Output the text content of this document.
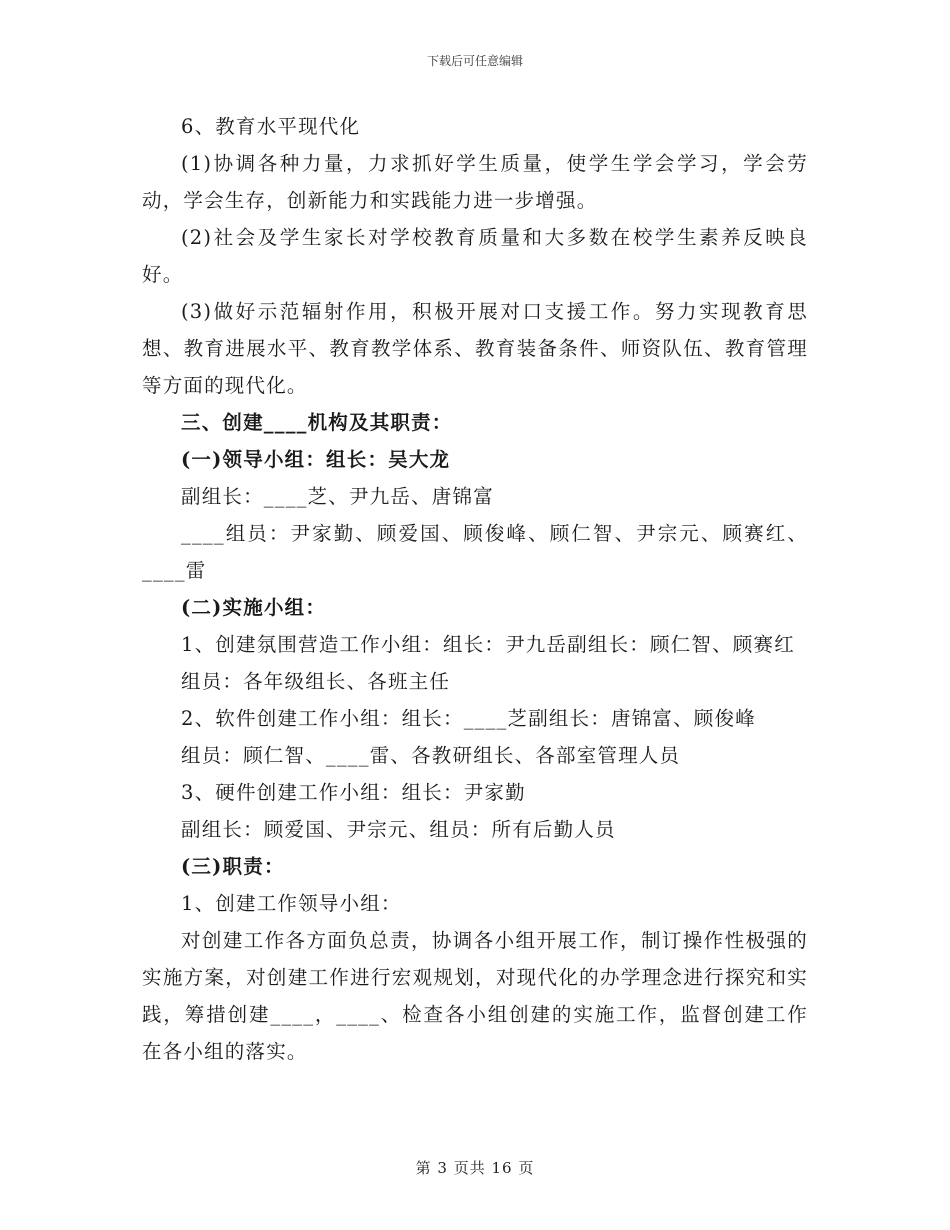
下载后可任意编辑

6、教育水平现代化

(1)协调各种力量，力求抓好学生质量，使学生学会学习，学会劳动，学会生存，创新能力和实践能力进一步增强。

(2)社会及学生家长对学校教育质量和大多数在校学生素养反映良好。

(3)做好示范辐射作用，积极开展对口支援工作。努力实现教育思想、教育进展水平、教育教学体系、教育装备条件、师资队伍、教育管理等方面的现代化。

三、创建____机构及其职责：

(一)领导小组：组长：吴大龙

副组长：____芝、尹九岳、唐锦富

____组员：尹家勤、顾爱国、顾俊峰、顾仁智、尹宗元、顾赛红、____雷

(二)实施小组：

1、创建氛围营造工作小组：组长：尹九岳副组长：顾仁智、顾赛红

组员：各年级组长、各班主任

2、软件创建工作小组：组长：____芝副组长：唐锦富、顾俊峰

组员：顾仁智、____雷、各教研组长、各部室管理人员

3、硬件创建工作小组：组长：尹家勤

副组长：顾爱国、尹宗元、组员：所有后勤人员

(三)职责：

1、创建工作领导小组：

对创建工作各方面负总责，协调各小组开展工作，制订操作性极强的实施方案，对创建工作进行宏观规划，对现代化的办学理念进行探究和实践，筹措创建____，____、检查各小组创建的实施工作，监督创建工作在各小组的落实。

第 3 页共 16 页
